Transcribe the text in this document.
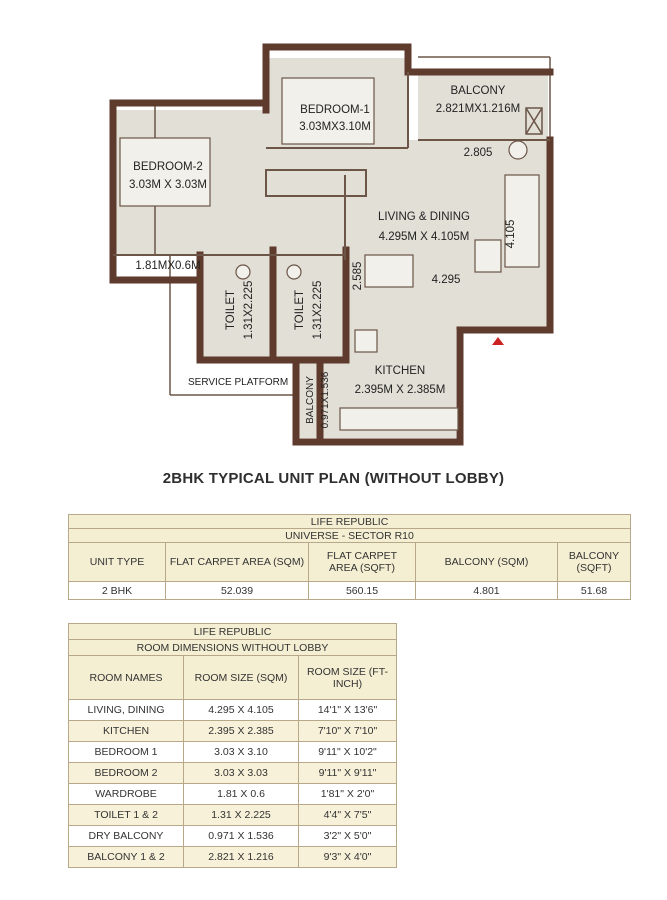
BEDROOM-1
3.03MX3.10M
BEDROOM-2
3.03M X 3.03M
BALCONY
2.821MX1.216M
LIVING & DINING
4.295M X 4.105M
KITCHEN
2.395M X 2.385M
1.81MX0.6M
SERVICE PLATFORM
TOILET 1.31X2.225	TOILET 1.31X2.225
BALCONY 0.971X1.536
2.805
4.295
4.105
2.585
2BHK TYPICAL UNIT PLAN (WITHOUT LOBBY)
LIFE REPUBLIC				
UNIVERSE - SECTOR R10				
UNIT TYPE	FLAT CARPET AREA (SQM)	FLAT CARPET AREA (SQFT)	BALCONY (SQM)	BALCONY (SQFT)
2 BHK	52.039	560.15	4.801	51.68
LIFE REPUBLIC		
ROOM DIMENSIONS WITHOUT LOBBY		
ROOM NAMES	ROOM SIZE (SQM)	ROOM SIZE (FT-INCH)
LIVING, DINING	4.295 X 4.105	14'1" X 13'6"
KITCHEN	2.395 X 2.385	7'10" X 7'10"
BEDROOM 1	3.03 X 3.10	9'11" X 10'2"
BEDROOM 2	3.03 X 3.03	9'11" X 9'11"
WARDROBE	1.81 X 0.6	1'81" X 2'0"
TOILET 1 & 2	1.31 X 2.225	4'4" X 7'5"
DRY BALCONY	0.971 X 1.536	3'2" X 5'0"
BALCONY 1 & 2	2.821 X 1.216	9'3" X 4'0"
